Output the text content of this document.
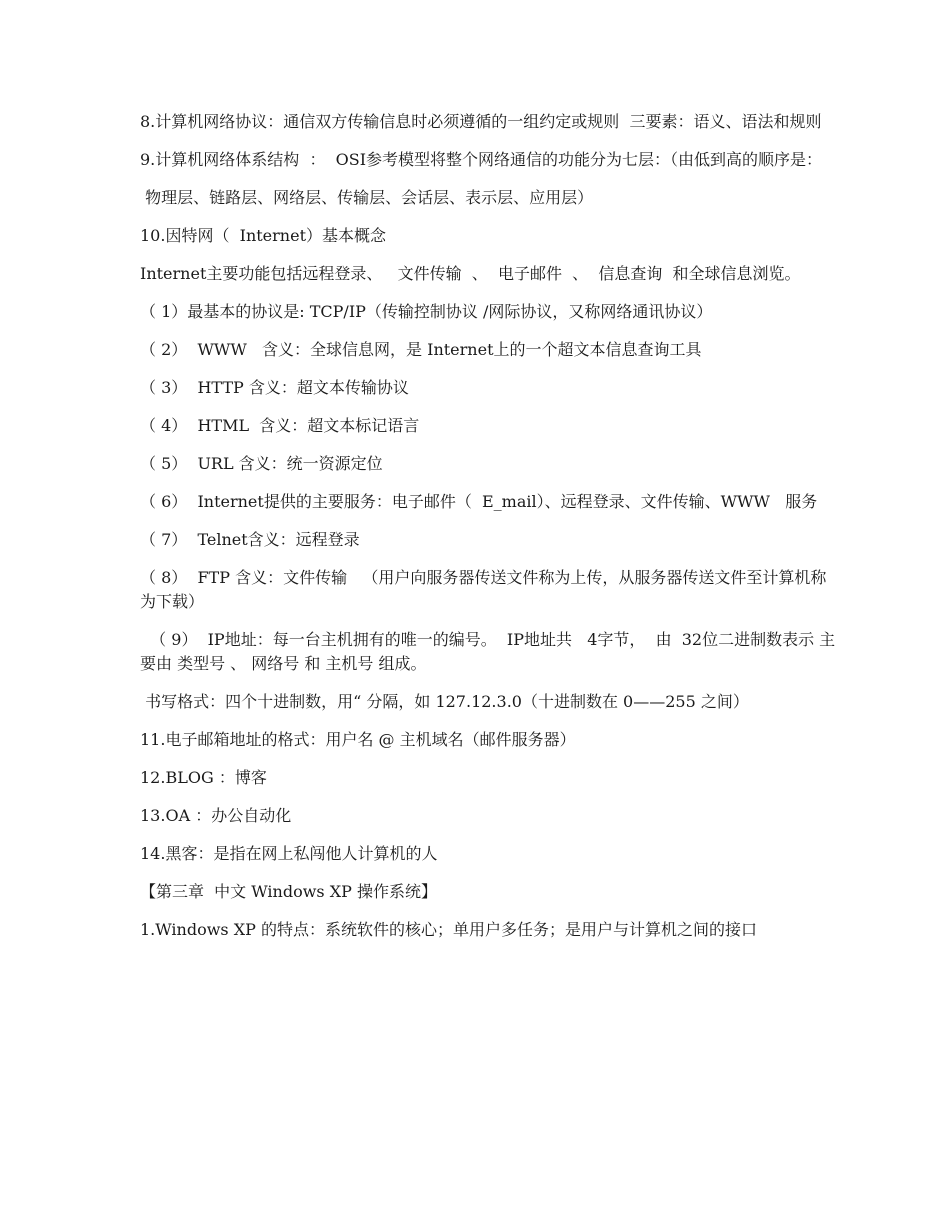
8.计算机网络协议：通信双方传输信息时必须遵循的一组约定或规则  三要素：语义、语法和规则

9.计算机网络体系结构  ：  OSI参考模型将整个网络通信的功能分为七层：（由低到高的顺序是：

物理层、链路层、网络层、传输层、会话层、表示层、应用层）

10.因特网（  Internet）基本概念

Internet主要功能包括远程登录、   文件传输  、  电子邮件  、  信息查询  和全球信息浏览。

（ 1）最基本的协议是: TCP/IP（传输控制协议 /网际协议，又称网络通讯协议）

（ 2）  WWW   含义：全球信息网，是 Internet上的一个超文本信息查询工具

（ 3）  HTTP 含义：超文本传输协议

（ 4）  HTML  含义：超文本标记语言

（ 5）  URL 含义：统一资源定位

（ 6）  Internet提供的主要服务：电子邮件（  E_mail）、远程登录、文件传输、WWW   服务

（ 7）  Telnet含义：远程登录

（ 8）  FTP 含义：文件传输   （用户向服务器传送文件称为上传，从服务器传送文件至计算机称为下载）

（ 9）  IP地址：每一台主机拥有的唯一的编号。  IP地址共   4字节，  由  32位二进制数表示 主要由 类型号 、 网络号 和 主机号 组成。

书写格式：四个十进制数，用“ 分隔，如 127.12.3.0（十进制数在 0——255 之间）

11.电子邮箱地址的格式：用户名 @ 主机域名（邮件服务器）

12.BLOG ：博客

13.OA ：办公自动化

14.黑客：是指在网上私闯他人计算机的人

【第三章  中文 Windows XP 操作系统】

1.Windows XP 的特点：系统软件的核心；单用户多任务；是用户与计算机之间的接口
